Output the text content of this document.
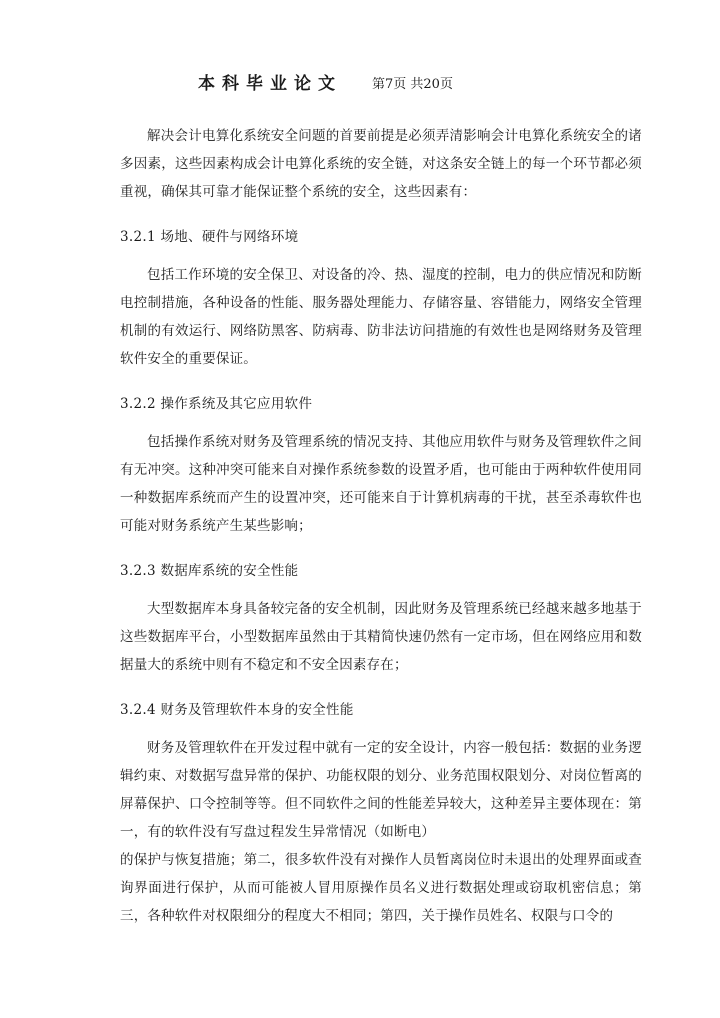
本科毕业论文 第7页 共20页

解决会计电算化系统安全问题的首要前提是必须弄清影响会计电算化系统安全的诸多因素，这些因素构成会计电算化系统的安全链，对这条安全链上的每一个环节都必须重视，确保其可靠才能保证整个系统的安全，这些因素有：

3.2.1 场地、硬件与网络环境

包括工作环境的安全保卫、对设备的冷、热、湿度的控制，电力的供应情况和防断电控制措施，各种设备的性能、服务器处理能力、存储容量、容错能力，网络安全管理机制的有效运行、网络防黑客、防病毒、防非法访问措施的有效性也是网络财务及管理软件安全的重要保证。

3.2.2 操作系统及其它应用软件

包括操作系统对财务及管理系统的情况支持、其他应用软件与财务及管理软件之间有无冲突。这种冲突可能来自对操作系统参数的设置矛盾，也可能由于两种软件使用同一种数据库系统而产生的设置冲突，还可能来自于计算机病毒的干扰，甚至杀毒软件也可能对财务系统产生某些影响；

3.2.3 数据库系统的安全性能

大型数据库本身具备较完备的安全机制，因此财务及管理系统已经越来越多地基于这些数据库平台，小型数据库虽然由于其精简快速仍然有一定市场，但在网络应用和数据量大的系统中则有不稳定和不安全因素存在；

3.2.4 财务及管理软件本身的安全性能

财务及管理软件在开发过程中就有一定的安全设计，内容一般包括：数据的业务逻辑约束、对数据写盘异常的保护、功能权限的划分、业务范围权限划分、对岗位暂离的屏幕保护、口令控制等等。但不同软件之间的性能差异较大，这种差异主要体现在：第一，有的软件没有写盘过程发生异常情况（如断电）

的保护与恢复措施；第二，很多软件没有对操作人员暂离岗位时未退出的处理界面或查询界面进行保护，从而可能被人冒用原操作员名义进行数据处理或窃取机密信息；第三，各种软件对权限细分的程度大不相同；第四，关于操作员姓名、权限与口令的
